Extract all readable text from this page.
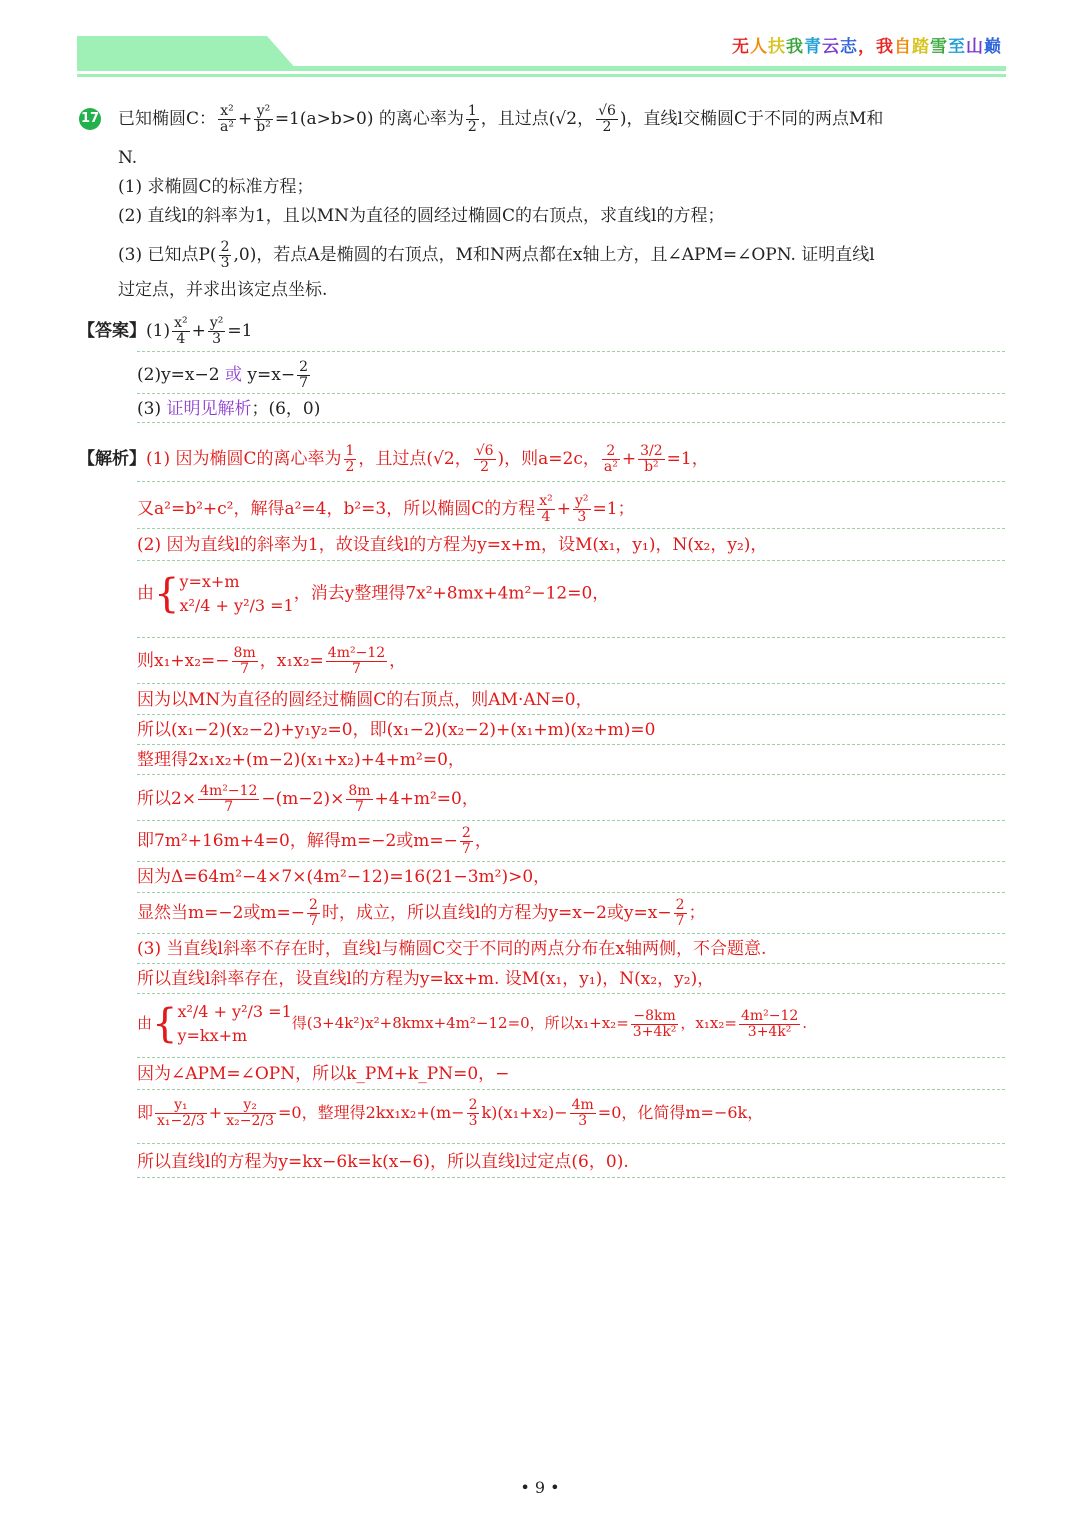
无人扶我青云志，我自踏雪至山巅
17 已知椭圆C： $\frac{\text{x²}}{\text{a²}} + \frac{\text{y²}}{\text{b²}} =1(a>b>0)$ 的离心率为 $\frac{1}{2}$ ，且过点(√2， $\frac{√6}{2}$ )，直线l交椭圆C于不同的两点M和
N.
(1) 求椭圆C的标准方程；
(2) 直线l的斜率为1，且以MN为直径的圆经过椭圆C的右顶点，求直线l的方程；
(3) 已知点$P( \frac{2}{3} ,0)$，若点A是椭圆的右顶点，M和N两点都在x轴上方，且∠APM=∠OPN. 证明直线l
过定点，并求出该定点坐标.
【答案】$(1) \frac{\text{x²}}{4} + \frac{\text{y²}}{3} =1$
(2)y=x−2 或 $y=x- \frac{2}{7}$
(3) 证明见解析；(6，0)
【解析】(1) 因为椭圆C的离心率为 $\frac{1}{2}$ ，且过点(√2， $\frac{√6}{2}$ )，则a=2c， $\frac{2}{\text{a²}} + \frac{3/2}{\text{b²}} =1$，
又a²=b²+c²，解得a²=4，b²=3，所以椭圆C的方程 $\frac{\text{x²}}{4} + \frac{\text{y²}}{3} =1$；
(2) 因为直线l的斜率为1，故设直线l的方程为y=x+m，设M(x₁，y₁)，N(x₂，y₂)，
由{ y=x+m
x²/4 + y²/3 =1
，消去y整理得7x²+8mx+4m²−12=0，
则$x_1+x_2=- \frac{8m}{7}$ ，$x_1x_2= \frac{\text{4m²−12}}{7}$ ，
因为以MN为直径的圆经过椭圆C的右顶点，则AM·AN=0，
所以(x₁−2)(x₂−2)+y₁y₂=0，即(x₁−2)(x₂−2)+(x₁+m)(x₂+m)=0
整理得2x₁x₂+(m−2)(x₁+x₂)+4+m²=0，
所以$2\times \frac{\text{4m²−12}}{7} -(m-2)\times \frac{8m}{7} +4+m^2=0$，
即7m²+16m+4=0，解得m=−2或$m=- \frac{2}{7}$ ，
因为Δ=64m²−4×7×(4m²−12)=16(21−3m²)>0，
显然当m=−2或$m=- \frac{2}{7}$ 时，成立，所以直线l的方程为y=x−2或$y=x- \frac{2}{7}$ ；
(3) 当直线l斜率不存在时，直线l与椭圆C交于不同的两点分布在x轴两侧，不合题意.
所以直线l斜率存在，设直线l的方程为y=kx+m. 设M(x₁，y₁)，N(x₂，y₂)，
由{ x²/4 + y²/3 =1
y=kx+m
得(3+4k²)x²+8kmx+4m²−12=0，所以$x_1+x_2= \frac{-8km}{\text{3+4k²}}$ ，$x_1x_2= \frac{\text{4m²−12}}{\text{3+4k²}}$ .
因为∠APM=∠OPN，所以k_PM+k_PN=0，−
即 $\frac{\text{y₁}}{\text{x₁−2/3}} + \frac{\text{y₂}}{\text{x₂−2/3}} =0$，整理得$2kx_1x_2+(m- \frac{2}{3} k)(x_1+x_2)- \frac{4m}{3} =0$，化简得m=−6k，
所以直线l的方程为y=kx−6k=k(x−6)，所以直线l过定点(6，0).
• 9 •
